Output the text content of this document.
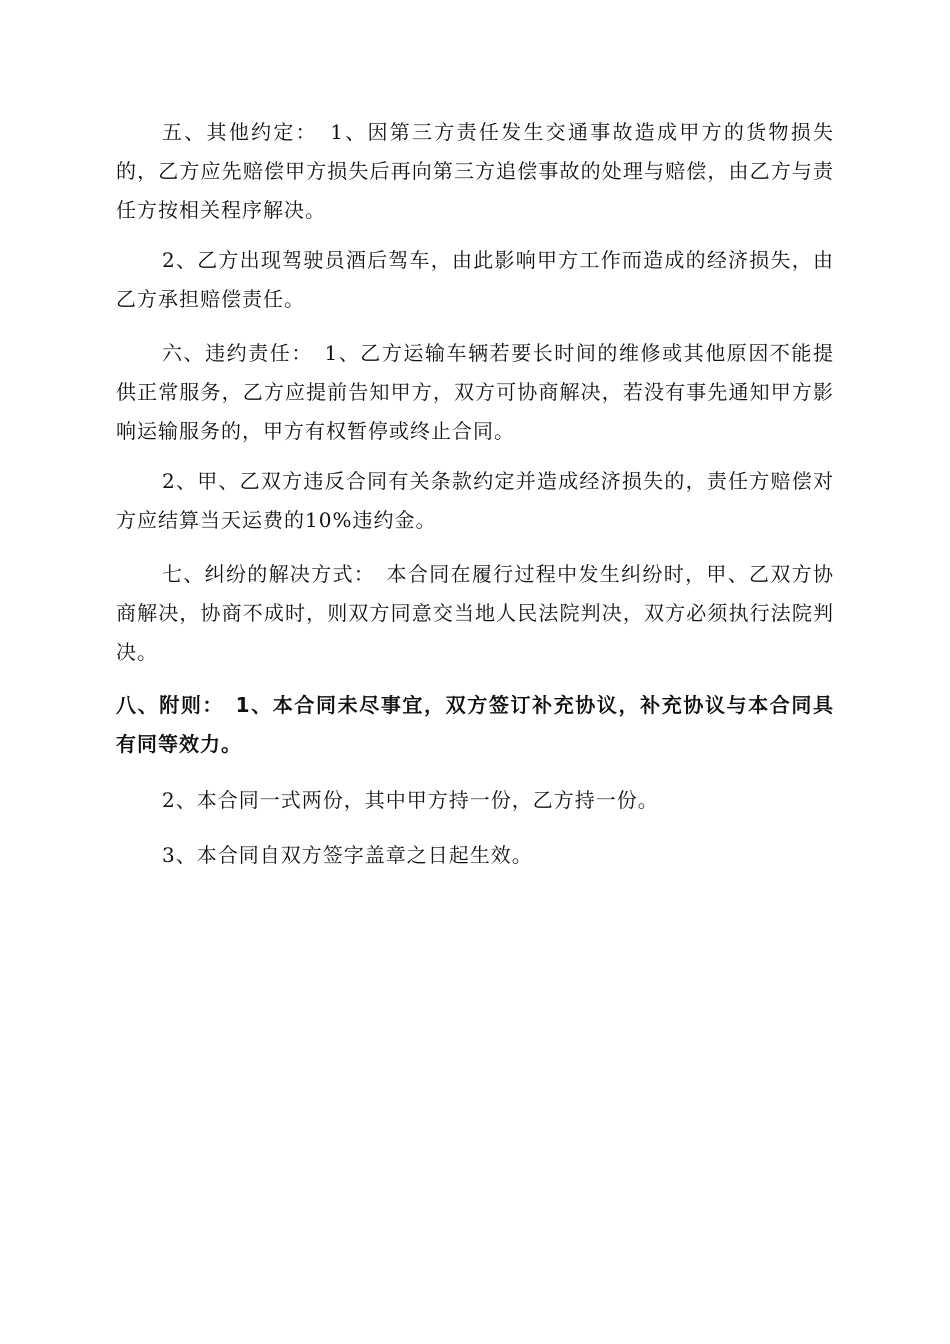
五、其他约定：　1、因第三方责任发生交通事故造成甲方的货物损失的，乙方应先赔偿甲方损失后再向第三方追偿事故的处理与赔偿，由乙方与责任方按相关程序解决。

2、乙方出现驾驶员酒后驾车，由此影响甲方工作而造成的经济损失，由乙方承担赔偿责任。

六、违约责任：　1、乙方运输车辆若要长时间的维修或其他原因不能提供正常服务，乙方应提前告知甲方，双方可协商解决，若没有事先通知甲方影响运输服务的，甲方有权暂停或终止合同。

2、甲、乙双方违反合同有关条款约定并造成经济损失的，责任方赔偿对方应结算当天运费的10%违约金。

七、纠纷的解决方式：　本合同在履行过程中发生纠纷时，甲、乙双方协商解决，协商不成时，则双方同意交当地人民法院判决，双方必须执行法院判决。

八、附则：　1、本合同未尽事宜，双方签订补充协议，补充协议与本合同具有同等效力。

2、本合同一式两份，其中甲方持一份，乙方持一份。

3、本合同自双方签字盖章之日起生效。
